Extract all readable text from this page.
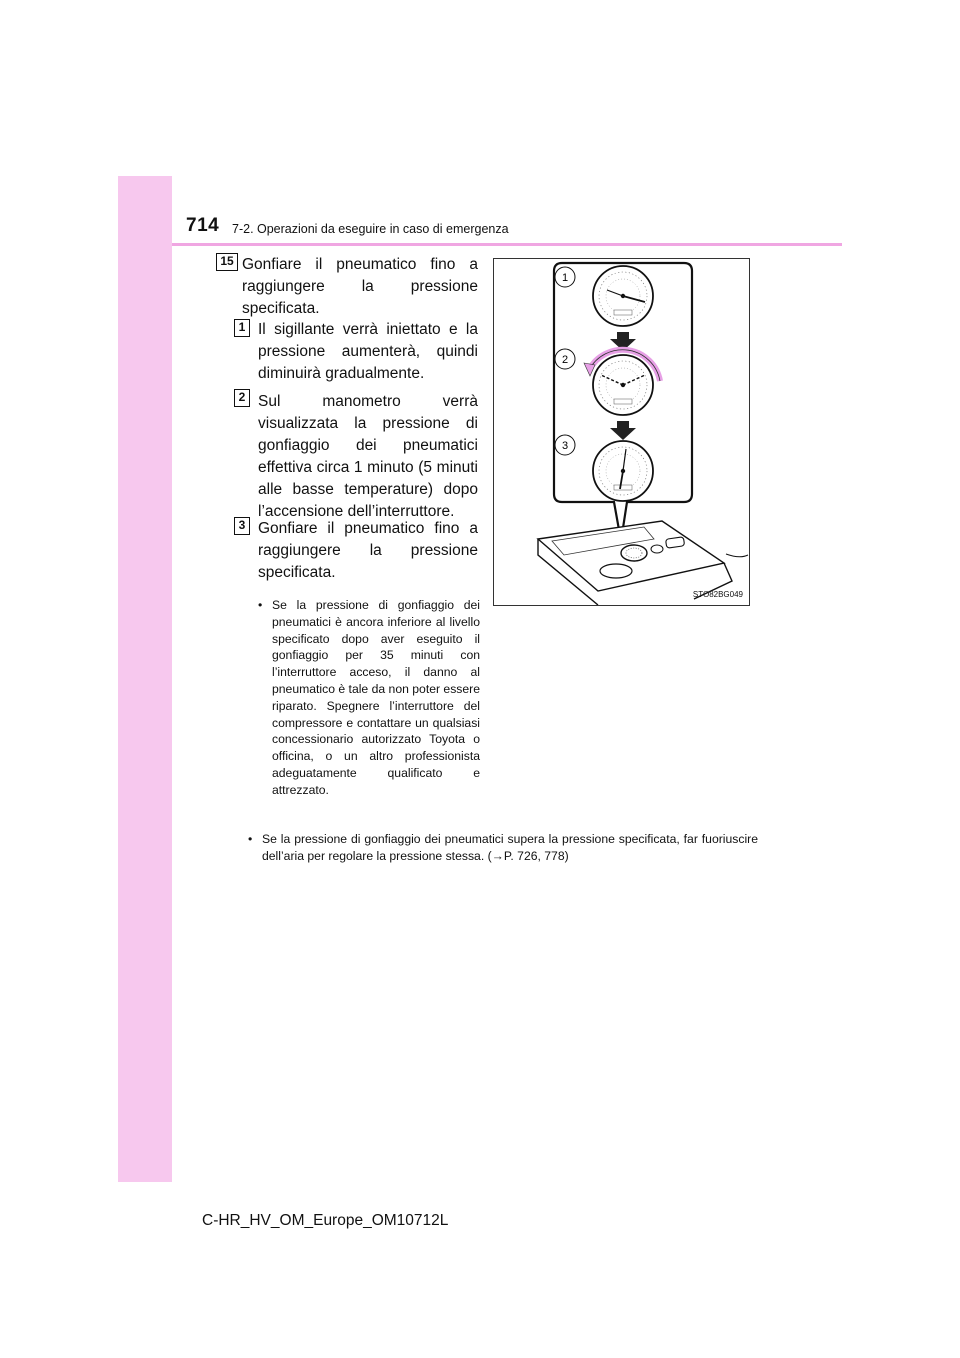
714 7-2. Operazioni da eseguire in caso di emergenza
15 Gonfiare il pneumatico fino a raggiungere la pressione specificata.
1 Il sigillante verrà iniettato e la pressione aumenterà, quindi diminuirà gradualmente.
2 Sul manometro verrà visualizzata la pressione di gonfiaggio dei pneumatici effettiva circa 1 minuto (5 minuti alle basse temperature) dopo l’accensione dell’interruttore.
3 Gonfiare il pneumatico fino a raggiungere la pressione specificata.
• Se la pressione di gonfiaggio dei pneumatici è ancora inferiore al livello specificato dopo aver eseguito il gonfiaggio per 35 minuti con l’interruttore acceso, il danno al pneumatico è tale da non poter essere riparato. Spegnere l’interruttore del compressore e contattare un qualsiasi concessionario autorizzato Toyota o officina, o un altro professionista adeguatamente qualificato e attrezzato.
• Se la pressione di gonfiaggio dei pneumatici supera la pressione specificata, far fuoriuscire dell’aria per regolare la pressione stessa. (→P. 726, 778)
1
2
3
STO82BG049
C-HR_HV_OM_Europe_OM10712L
